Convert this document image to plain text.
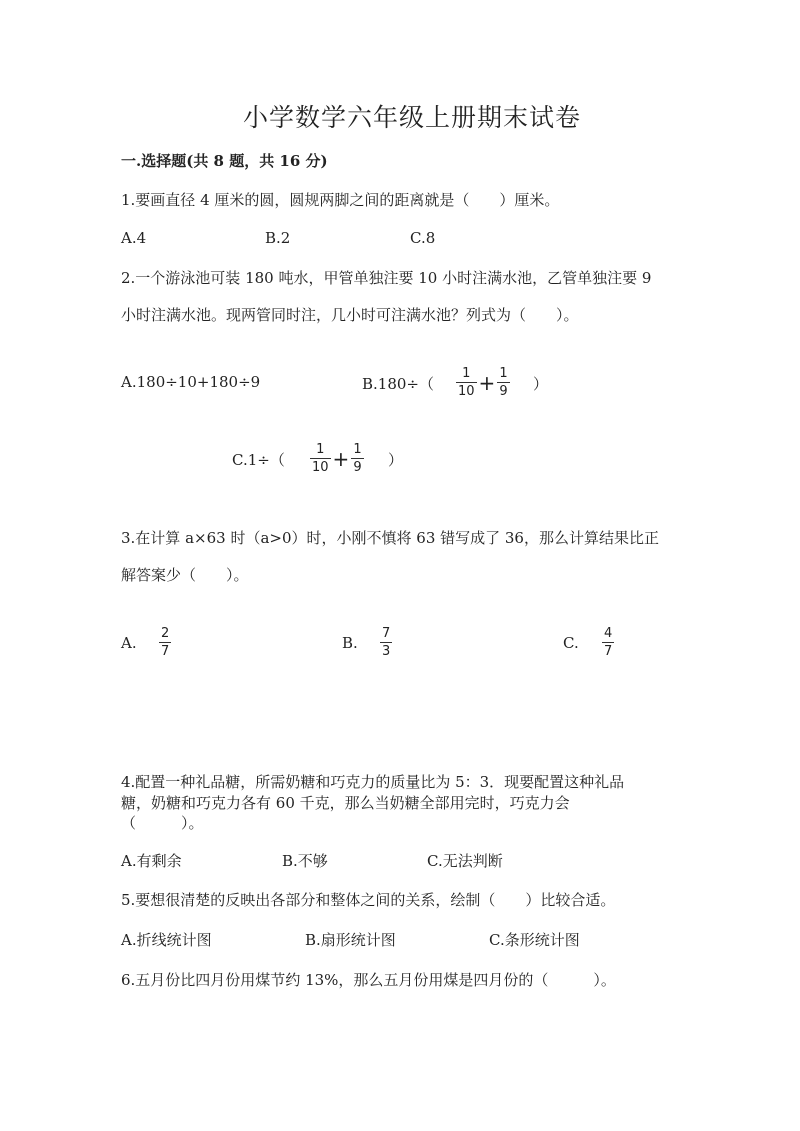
小学数学六年级上册期末试卷
一.选择题(共 8 题，共 16 分)
1.要画直径 4 厘米的圆，圆规两脚之间的距离就是（　　）厘米。
A.4	B.2	C.8
2.一个游泳池可装 180 吨水，甲管单独注要 10 小时注满水池，乙管单独注要 9
小时注满水池。现两管同时注，几小时可注满水池？列式为（　　）。
A.180÷10+180÷9	$B.180\div( \frac{1}{10} + \frac{1}{9}$ ）
$C.1\div( \frac{1}{10} + \frac{1}{9}$ ）
3.在计算 a×63 时（a>0）时，小刚不慎将 63 错写成了 36，那么计算结果比正
解答案少（　　）。
A. $\frac{2}{7}$	B. $\frac{7}{3}$	C. $\frac{4}{7}$
4.配置一种礼品糖，所需奶糖和巧克力的质量比为 5：3．现要配置这种礼品
糖，奶糖和巧克力各有 60 千克，那么当奶糖全部用完时，巧克力会
（　　　）。
A.有剩余	B.不够	C.无法判断
5.要想很清楚的反映出各部分和整体之间的关系，绘制（　　）比较合适。
A.折线统计图	B.扇形统计图	C.条形统计图
6.五月份比四月份用煤节约 13%，那么五月份用煤是四月份的（　　　）。
